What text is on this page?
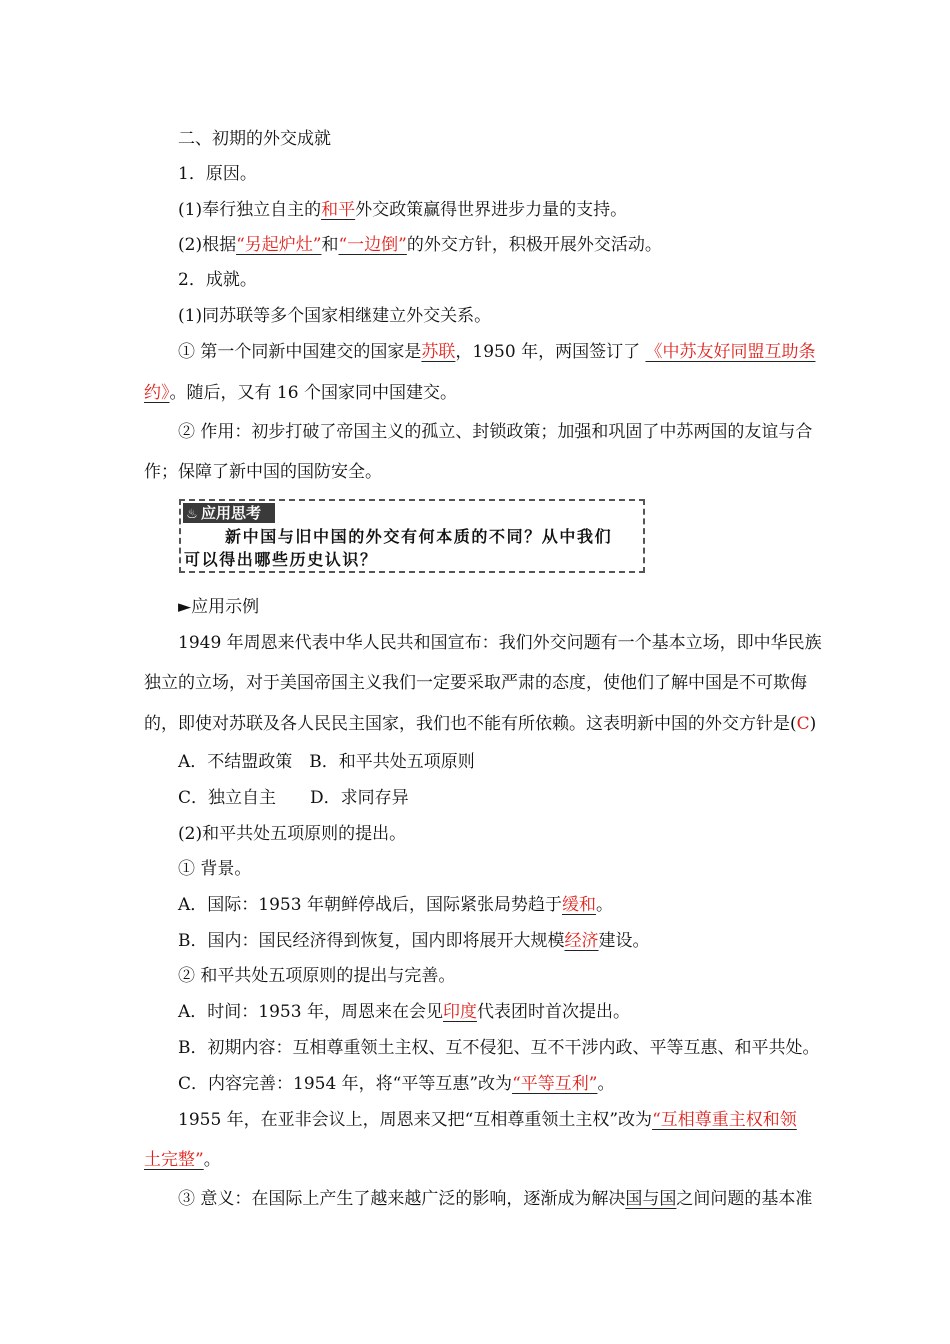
二、初期的外交成就
1．原因。
(1)奉行独立自主的和平外交政策赢得世界进步力量的支持。
(2)根据“另起炉灶”和“一边倒”的外交方针，积极开展外交活动。
2．成就。
(1)同苏联等多个国家相继建立外交关系。
① 第一个同新中国建交的国家是苏联，1950 年，两国签订了 《中苏友好同盟互助条
约》。随后，又有 16 个国家同中国建交。
② 作用：初步打破了帝国主义的孤立、封锁政策；加强和巩固了中苏两国的友谊与合
作；保障了新中国的国防安全。
♨ 应用思考
新中国与旧中国的外交有何本质的不同？从中我们
可以得出哪些历史认识？
►应用示例
1949 年周恩来代表中华人民共和国宣布：我们外交问题有一个基本立场，即中华民族
独立的立场，对于美国帝国主义我们一定要采取严肃的态度，使他们了解中国是不可欺侮
的，即使对苏联及各人民民主国家，我们也不能有所依赖。这表明新中国的外交方针是(C)
A．不结盟政策　B．和平共处五项原则
C．独立自主　　D．求同存异
(2)和平共处五项原则的提出。
① 背景。
A．国际：1953 年朝鲜停战后，国际紧张局势趋于缓和。
B．国内：国民经济得到恢复，国内即将展开大规模经济建设。
② 和平共处五项原则的提出与完善。
A．时间：1953 年，周恩来在会见印度代表团时首次提出。
B．初期内容：互相尊重领土主权、互不侵犯、互不干涉内政、平等互惠、和平共处。
C．内容完善：1954 年，将“平等互惠”改为“平等互利”。
1955 年，在亚非会议上，周恩来又把“互相尊重领土主权”改为“互相尊重主权和领
土完整”。
③ 意义：在国际上产生了越来越广泛的影响，逐渐成为解决国与国之间问题的基本准
